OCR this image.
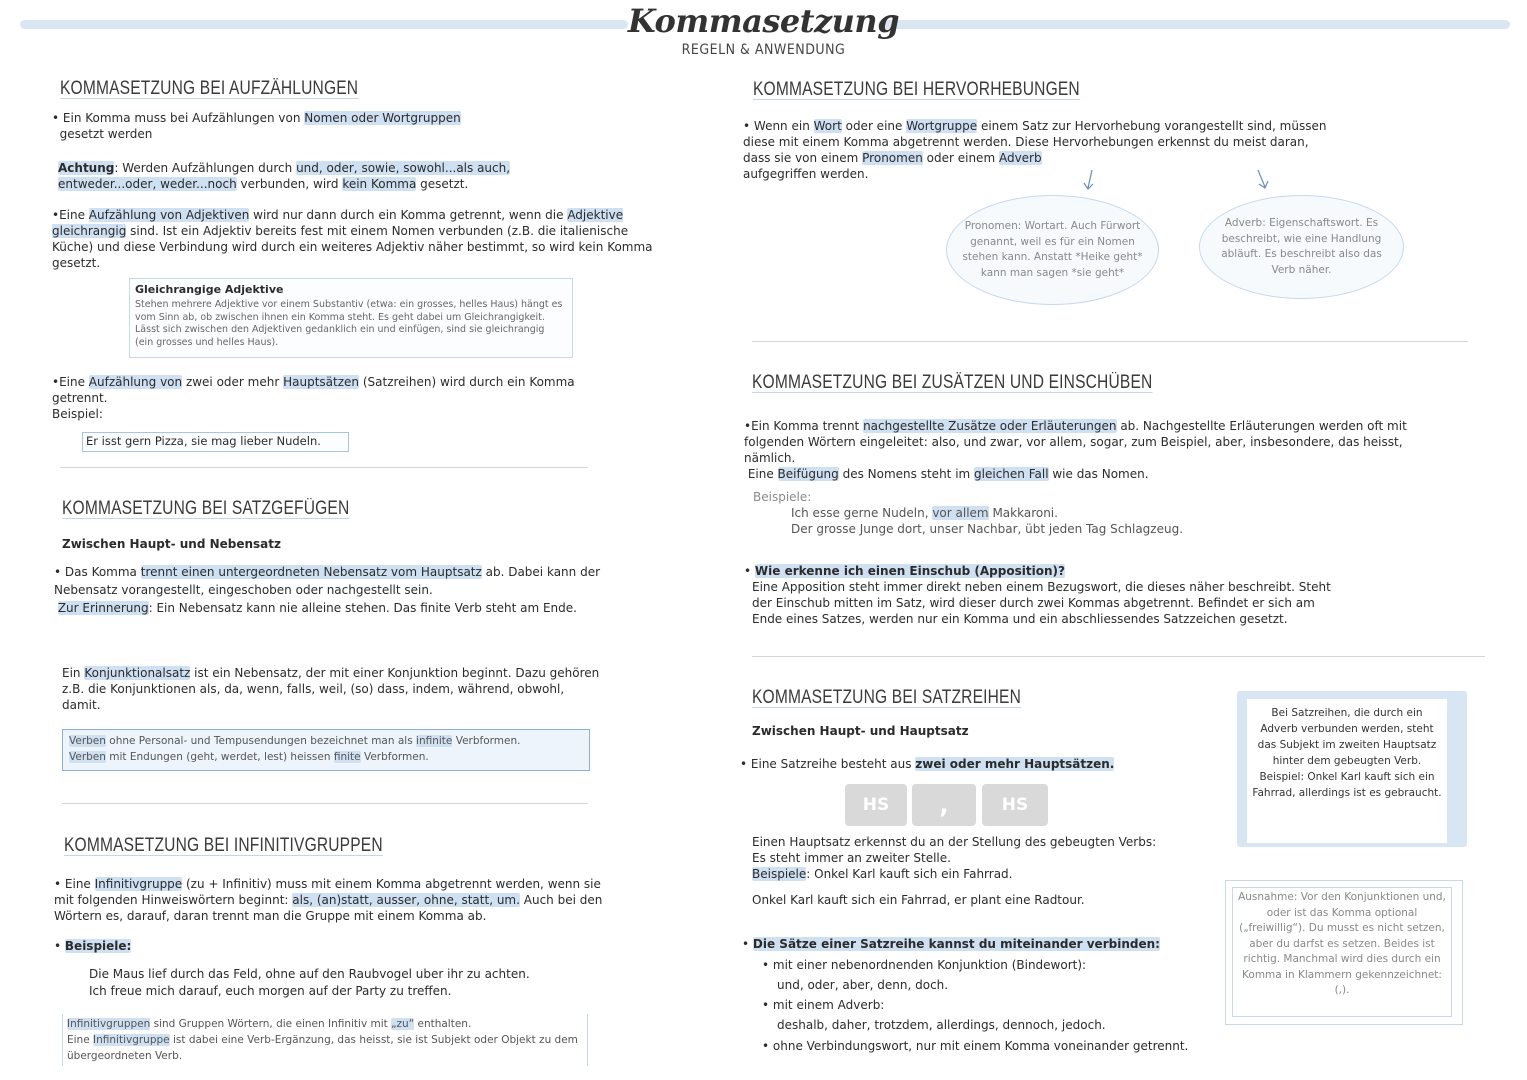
Kommasetzung
REGELN & ANWENDUNG
KOMMASETZUNG BEI AUFZÄHLUNGEN
• Ein Komma muss bei Aufzählungen von Nomen oder Wortgruppen
gesetzt werden
Achtung: Werden Aufzählungen durch und, oder, sowie, sowohl...als auch,
entweder...oder, weder...noch verbunden, wird kein Komma gesetzt.
•Eine Aufzählung von Adjektiven wird nur dann durch ein Komma getrennt, wenn die Adjektive gleichrangig sind. Ist ein Adjektiv bereits fest mit einem Nomen verbunden (z.B. die italienische Küche) und diese Verbindung wird durch ein weiteres Adjektiv näher bestimmt, so wird kein Komma gesetzt.
Gleichrangige Adjektive
Stehen mehrere Adjektive vor einem Substantiv (etwa: ein grosses, helles Haus) hängt es vom Sinn ab, ob zwischen ihnen ein Komma steht. Es geht dabei um Gleichrangigkeit. Lässt sich zwischen den Adjektiven gedanklich ein und einfügen, sind sie gleichrangig (ein grosses und helles Haus).
•Eine Aufzählung von zwei oder mehr Hauptsätzen (Satzreihen) wird durch ein Komma getrennt.
Beispiel:
Er isst gern Pizza, sie mag lieber Nudeln.
KOMMASETZUNG BEI SATZGEFÜGEN
Zwischen Haupt- und Nebensatz
• Das Komma trennt einen untergeordneten Nebensatz vom Hauptsatz ab. Dabei kann der Nebensatz vorangestellt, eingeschoben oder nachgestellt sein.
Zur Erinnerung: Ein Nebensatz kann nie alleine stehen. Das finite Verb steht am Ende.
Ein Konjunktionalsatz ist ein Nebensatz, der mit einer Konjunktion beginnt. Dazu gehören z.B. die Konjunktionen als, da, wenn, falls, weil, (so) dass, indem, während, obwohl, damit.
Verben ohne Personal- und Tempusendungen bezeichnet man als infinite Verbformen.
Verben mit Endungen (geht, werdet, lest) heissen finite Verbformen.
KOMMASETZUNG BEI INFINITIVGRUPPEN
• Eine Infinitivgruppe (zu + Infinitiv) muss mit einem Komma abgetrennt werden, wenn sie mit folgenden Hinweiswörtern beginnt: als, (an)statt, ausser, ohne, statt, um. Auch bei den Wörtern es, darauf, daran trennt man die Gruppe mit einem Komma ab.
• Beispiele:
Die Maus lief durch das Feld, ohne auf den Raubvogel uber ihr zu achten.
Ich freue mich darauf, euch morgen auf der Party zu treffen.
Infinitivgruppen sind Gruppen Wörtern, die einen Infinitiv mit „zu“ enthalten.
Eine Infinitivgruppe ist dabei eine Verb-Ergänzung, das heisst, sie ist Subjekt oder Objekt zu dem übergeordneten Verb.
KOMMASETZUNG BEI HERVORHEBUNGEN
• Wenn ein Wort oder eine Wortgruppe einem Satz zur Hervorhebung vorangestellt sind, müssen diese mit einem Komma abgetrennt werden. Diese Hervorhebungen erkennst du meist daran, dass sie von einem Pronomen oder einem Adverb
aufgegriffen werden.
Pronomen: Wortart. Auch Fürwort genannt, weil es für ein Nomen stehen kann. Anstatt *Heike geht* kann man sagen *sie geht*
Adverb: Eigenschaftswort. Es beschreibt, wie eine Handlung abläuft. Es beschreibt also das Verb näher.
KOMMASETZUNG BEI ZUSÄTZEN UND EINSCHÜBEN
•Ein Komma trennt nachgestellte Zusätze oder Erläuterungen ab. Nachgestellte Erläuterungen werden oft mit folgenden Wörtern eingeleitet: also, und zwar, vor allem, sogar, zum Beispiel, aber, insbesondere, das heisst, nämlich.
Eine Beifügung des Nomens steht im gleichen Fall wie das Nomen.
Beispiele:
Ich esse gerne Nudeln, vor allem Makkaroni.
Der grosse Junge dort, unser Nachbar, übt jeden Tag Schlagzeug.
• Wie erkenne ich einen Einschub (Apposition)?
Eine Apposition steht immer direkt neben einem Bezugswort, die dieses näher beschreibt. Steht der Einschub mitten im Satz, wird dieser durch zwei Kommas abgetrennt. Befindet er sich am Ende eines Satzes, werden nur ein Komma und ein abschliessendes Satzzeichen gesetzt.
KOMMASETZUNG BEI SATZREIHEN
Zwischen Haupt- und Hauptsatz
• Eine Satzreihe besteht aus zwei oder mehr Hauptsätzen.
HS	,	HS
Einen Hauptsatz erkennst du an der Stellung des gebeugten Verbs:
Es steht immer an zweiter Stelle.
Beispiele: Onkel Karl kauft sich ein Fahrrad.
Onkel Karl kauft sich ein Fahrrad, er plant eine Radtour.
• Die Sätze einer Satzreihe kannst du miteinander verbinden:
• mit einer nebenordnenden Konjunktion (Bindewort):
und, oder, aber, denn, doch.
• mit einem Adverb:
deshalb, daher, trotzdem, allerdings, dennoch, jedoch.
• ohne Verbindungswort, nur mit einem Komma voneinander getrennt.
Bei Satzreihen, die durch ein Adverb verbunden werden, steht das Subjekt im zweiten Hauptsatz hinter dem gebeugten Verb. Beispiel: Onkel Karl kauft sich ein Fahrrad, allerdings ist es gebraucht.
Ausnahme: Vor den Konjunktionen und, oder ist das Komma optional („freiwillig“). Du musst es nicht setzen, aber du darfst es setzen. Beides ist richtig. Manchmal wird dies durch ein Komma in Klammern gekennzeichnet: (,).
